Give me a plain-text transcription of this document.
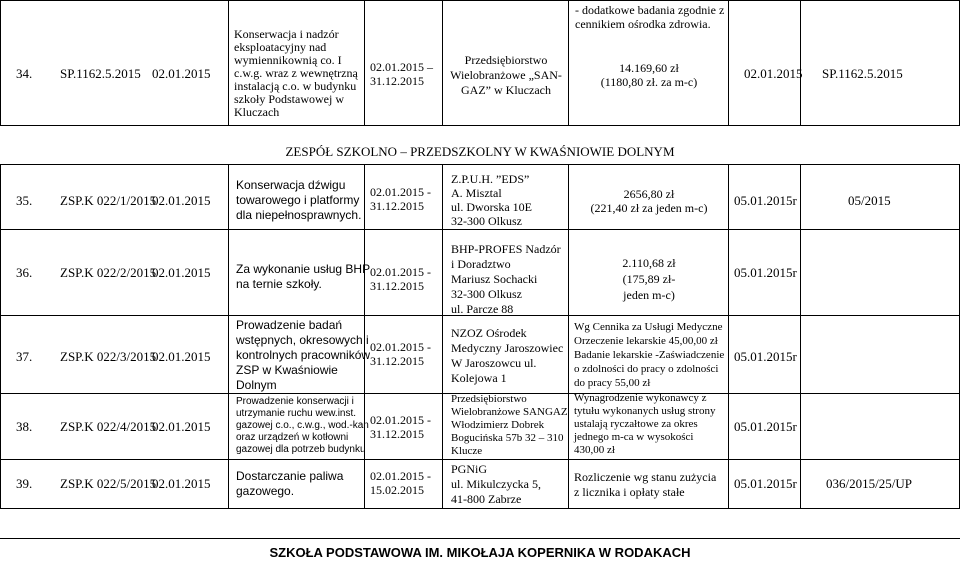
34. SP.1162.5.2015 02.01.2015
Konserwacja i nadzór
eksploatacyjny nad
wymiennikownią co. I
c.w.g. wraz z wewnętrzną
instalacją c.o. w budynku
szkoły Podstawowej w
Kluczach
02.01.2015 –
31.12.2015
Przedsiębiorstwo
Wielobranżowe „SAN-
GAZ” w Kluczach
- dodatkowe badania zgodnie z
cennikiem ośrodka zdrowia.
14.169,60 zł
(1180,80 zł. za m-c)
02.01.2015 SP.1162.5.2015
ZESPÓŁ SZKOLNO – PRZEDSZKOLNY W KWAŚNIOWIE DOLNYM
35. ZSP.K 022/1/2015
02.01.2015
Konserwacja dźwigu
towarowego i platformy
dla niepełnosprawnych.
02.01.2015 -
31.12.2015
Z.P.U.H. ”EDS”
A. Misztal
ul. Dworska 10E
32-300 Olkusz
2656,80 zł
(221,40 zł za jeden m-c)	05.01.2015r	05/2015
36. ZSP.K 022/2/2015
02.01.2015 Za wykonanie usług BHP
na ternie szkoły.
02.01.2015 -
31.12.2015
BHP-PROFES Nadzór
i Doradztwo
Mariusz Sochacki
32-300 Olkusz
ul. Parcze 88
2.110,68 zł
(175,89 zł-
jeden m-c)
05.01.2015r
37. ZSP.K 022/3/2015
02.01.2015
Prowadzenie badań
wstępnych, okresowych i
kontrolnych pracowników
ZSP w Kwaśniowie
Dolnym
02.01.2015 -
31.12.2015
NZOZ Ośrodek
Medyczny Jaroszowiec
W Jaroszowcu ul.
Kolejowa 1
Wg Cennika za Usługi Medyczne
Orzeczenie lekarskie 45,00,00 zł
Badanie lekarskie -Zaświadczenie
o zdolności do pracy o zdolności
do pracy 55,00 zł
05.01.2015r
38. ZSP.K 022/4/2015
02.01.2015
Prowadzenie konserwacji i
utrzymanie ruchu wew.inst.
gazowej c.o., c.w.g., wod.-kan
oraz urządzeń w kotłowni
gazowej dla potrzeb budynku
02.01.2015 -
31.12.2015
Przedsiębiorstwo
Wielobranżowe SANGAZ
Włodzimierz Dobrek
Bogucińska 57b 32 – 310
Klucze
Wynagrodzenie wykonawcy z
tytułu wykonanych usług strony
ustalają ryczałtowe za okres
jednego m-ca w wysokości
430,00 zł
05.01.2015r
39. ZSP.K 022/5/2015
02.01.2015 Dostarczanie paliwa
gazowego.
02.01.2015 -
15.02.2015
PGNiG
ul. Mikulczycka 5,
41-800 Zabrze
Rozliczenie wg stanu zużycia
z licznika i opłaty stałe
05.01.2015r 036/2015/25/UP
SZKOŁA PODSTAWOWA IM. MIKOŁAJA KOPERNIKA W RODAKACH
